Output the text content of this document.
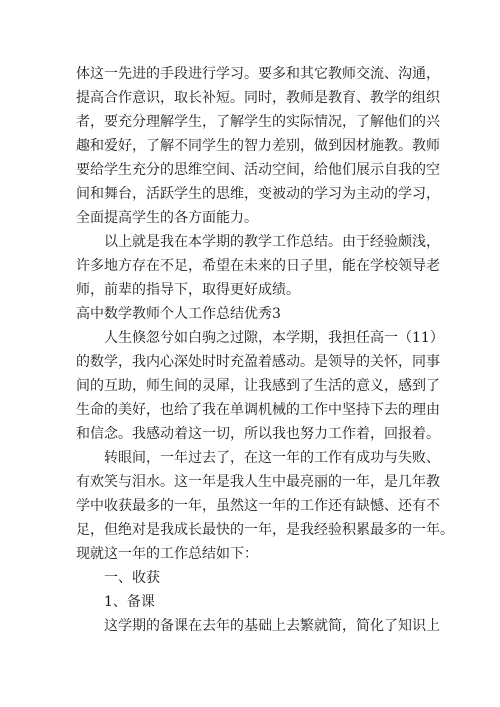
体这一先进的手段进行学习。要多和其它教师交流、沟通，
提高合作意识，取长补短。同时，教师是教育、教学的组织
者，要充分理解学生，了解学生的实际情况，了解他们的兴
趣和爱好，了解不同学生的智力差别，做到因材施教。教师
要给学生充分的思维空间、活动空间，给他们展示自我的空
间和舞台，活跃学生的思维，变被动的学习为主动的学习，
全面提高学生的各方面能力。
以上就是我在本学期的教学工作总结。由于经验颇浅，
许多地方存在不足，希望在未来的日子里，能在学校领导老
师，前辈的指导下，取得更好成绩。
高中数学教师个人工作总结优秀3
人生倏忽兮如白驹之过隙，本学期，我担任高一（11）
的数学，我内心深处时时充盈着感动。是领导的关怀，同事
间的互助，师生间的灵犀，让我感到了生活的意义，感到了
生命的美好，也给了我在单调机械的工作中坚持下去的理由
和信念。我感动着这一切，所以我也努力工作着，回报着。
转眼间，一年过去了，在这一年的工作有成功与失败、
有欢笑与泪水。这一年是我人生中最亮丽的一年，是几年教
学中收获最多的一年，虽然这一年的工作还有缺憾、还有不
足，但绝对是我成长最快的一年，是我经验积累最多的一年。
现就这一年的工作总结如下：
一、收获
1、备课
这学期的备课在去年的基础上去繁就简，简化了知识上
